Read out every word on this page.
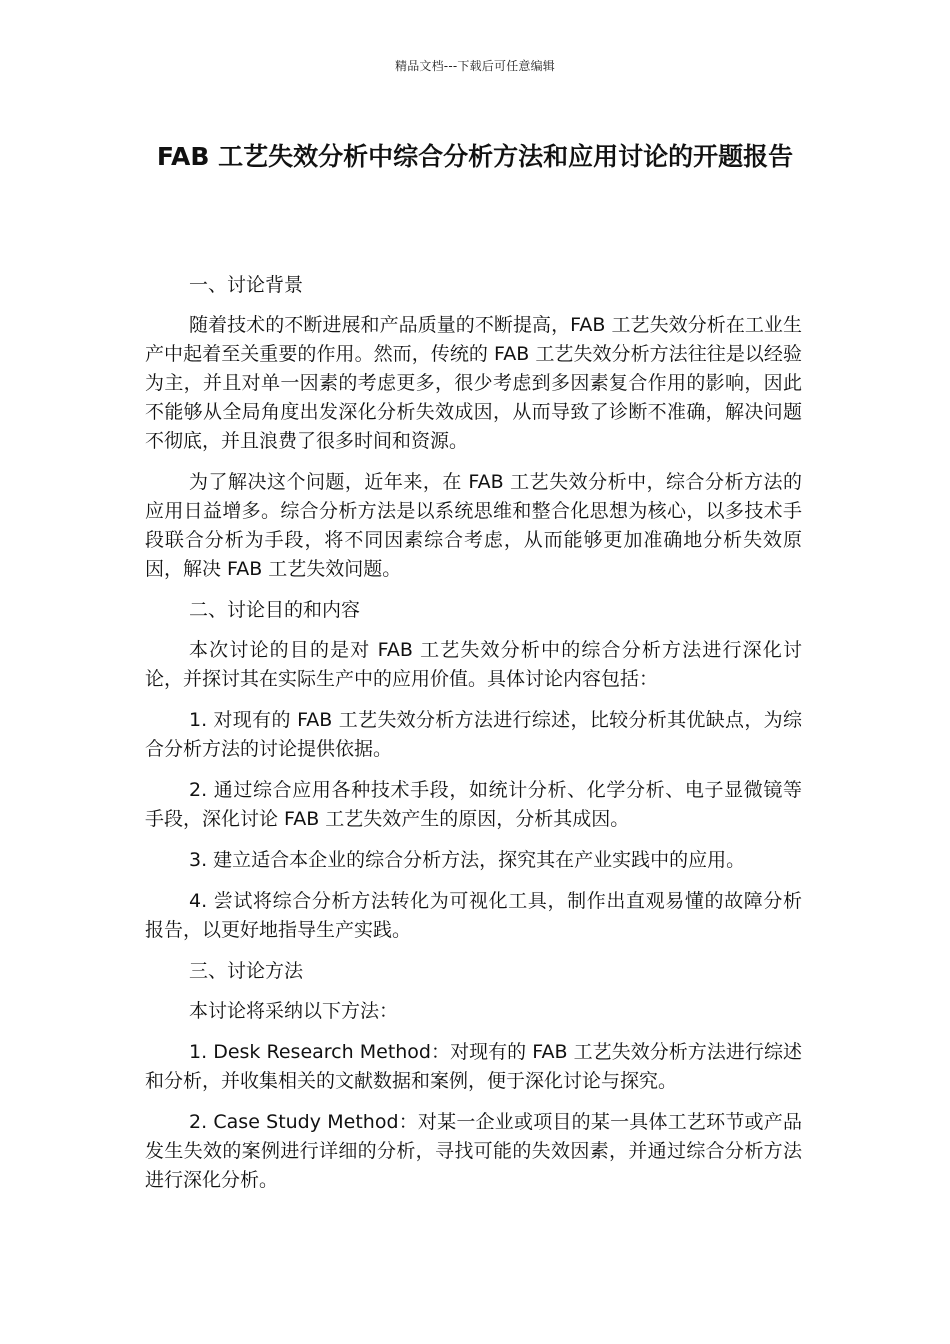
精品文档---下载后可任意编辑
FAB 工艺失效分析中综合分析方法和应用讨论的开题报告

一、讨论背景

随着技术的不断进展和产品质量的不断提高，FAB 工艺失效分析在工业生产中起着至关重要的作用。然而，传统的 FAB 工艺失效分析方法往往是以经验为主，并且对单一因素的考虑更多，很少考虑到多因素复合作用的影响，因此不能够从全局角度出发深化分析失效成因，从而导致了诊断不准确，解决问题不彻底，并且浪费了很多时间和资源。

为了解决这个问题，近年来，在 FAB 工艺失效分析中，综合分析方法的应用日益增多。综合分析方法是以系统思维和整合化思想为核心，以多技术手段联合分析为手段，将不同因素综合考虑，从而能够更加准确地分析失效原因，解决 FAB 工艺失效问题。

二、讨论目的和内容

本次讨论的目的是对 FAB 工艺失效分析中的综合分析方法进行深化讨论，并探讨其在实际生产中的应用价值。具体讨论内容包括：

1. 对现有的 FAB 工艺失效分析方法进行综述，比较分析其优缺点，为综合分析方法的讨论提供依据。

2. 通过综合应用各种技术手段，如统计分析、化学分析、电子显微镜等手段，深化讨论 FAB 工艺失效产生的原因，分析其成因。

3. 建立适合本企业的综合分析方法，探究其在产业实践中的应用。

4. 尝试将综合分析方法转化为可视化工具，制作出直观易懂的故障分析报告，以更好地指导生产实践。

三、讨论方法

本讨论将采纳以下方法：

1. Desk Research Method：对现有的 FAB 工艺失效分析方法进行综述和分析，并收集相关的文献数据和案例，便于深化讨论与探究。

2. Case Study Method：对某一企业或项目的某一具体工艺环节或产品发生失效的案例进行详细的分析，寻找可能的失效因素，并通过综合分析方法进行深化分析。
